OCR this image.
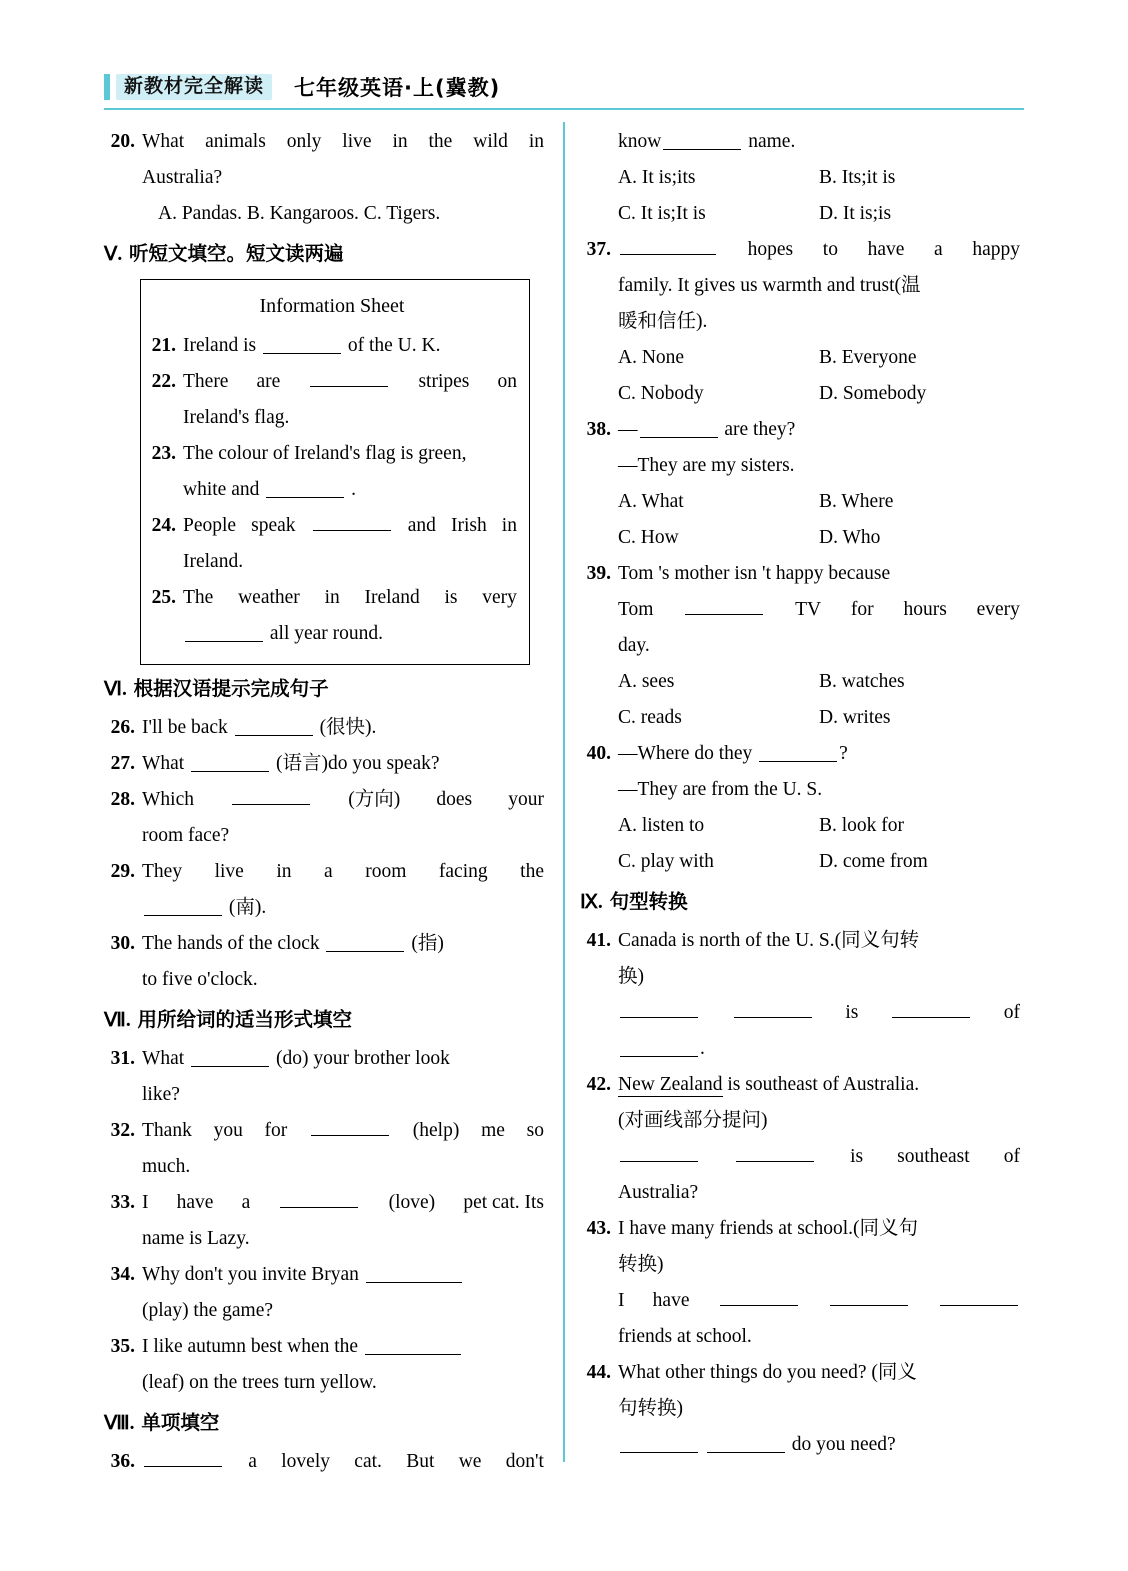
新教材完全解读	七年级英语·上(冀教)
20. What animals only live in the wild in
Australia?
A. Pandas. B. Kangaroos. C. Tigers.
Ⅴ. 听短文填空。短文读两遍
Information Sheet
21. Ireland is	of the U. K.
22. There are	stripes on
Ireland's flag.
23. The colour of Ireland's flag is green,
white and	.
24. People speak	and Irish in
Ireland.
25. The weather in Ireland is very
all year round.
Ⅵ. 根据汉语提示完成句子
26. I'll be back	(很快).
27. What	(语言)do you speak?
28. Which	(方向) does your
room face?
29. They live in a room facing the
(南).
30. The hands of the clock	(指)
to five o'clock.
Ⅶ. 用所给词的适当形式填空
31. What	(do) your brother look
like?
32. Thank you for	(help) me so
much.
33. I have a	(love) pet cat. Its
name is Lazy.
34. Why don't you invite Bryan
(play) the game?
35. I like autumn best when the
(leaf) on the trees turn yellow.
Ⅷ. 单项填空
36.	a lovely cat. But we don't
know	name.
A. It is;its	B. Its;it is
C. It is;It is	D. It is;is
37.	hopes to have a happy
family. It gives us warmth and trust(温
暖和信任).
A. None	B. Everyone
C. Nobody	D. Somebody
38. —	are they?
—They are my sisters.
A. What	B. Where
C. How	D. Who
39. Tom 's mother isn 't happy because
Tom	TV for hours every
day.
A. sees	B. watches
C. reads	D. writes
40. —Where do they	?
—They are from the U. S.
A. listen to	B. look for
C. play with	D. come from
Ⅸ. 句型转换
41. Canada is north of the U. S.(同义句转
换)
is	of
.
42. New Zealand is southeast of Australia.
(对画线部分提问)
is southeast of
Australia?
43. I have many friends at school.(同义句
转换)
I have
friends at school.
44. What other things do you need? (同义
句转换)
do you need?
